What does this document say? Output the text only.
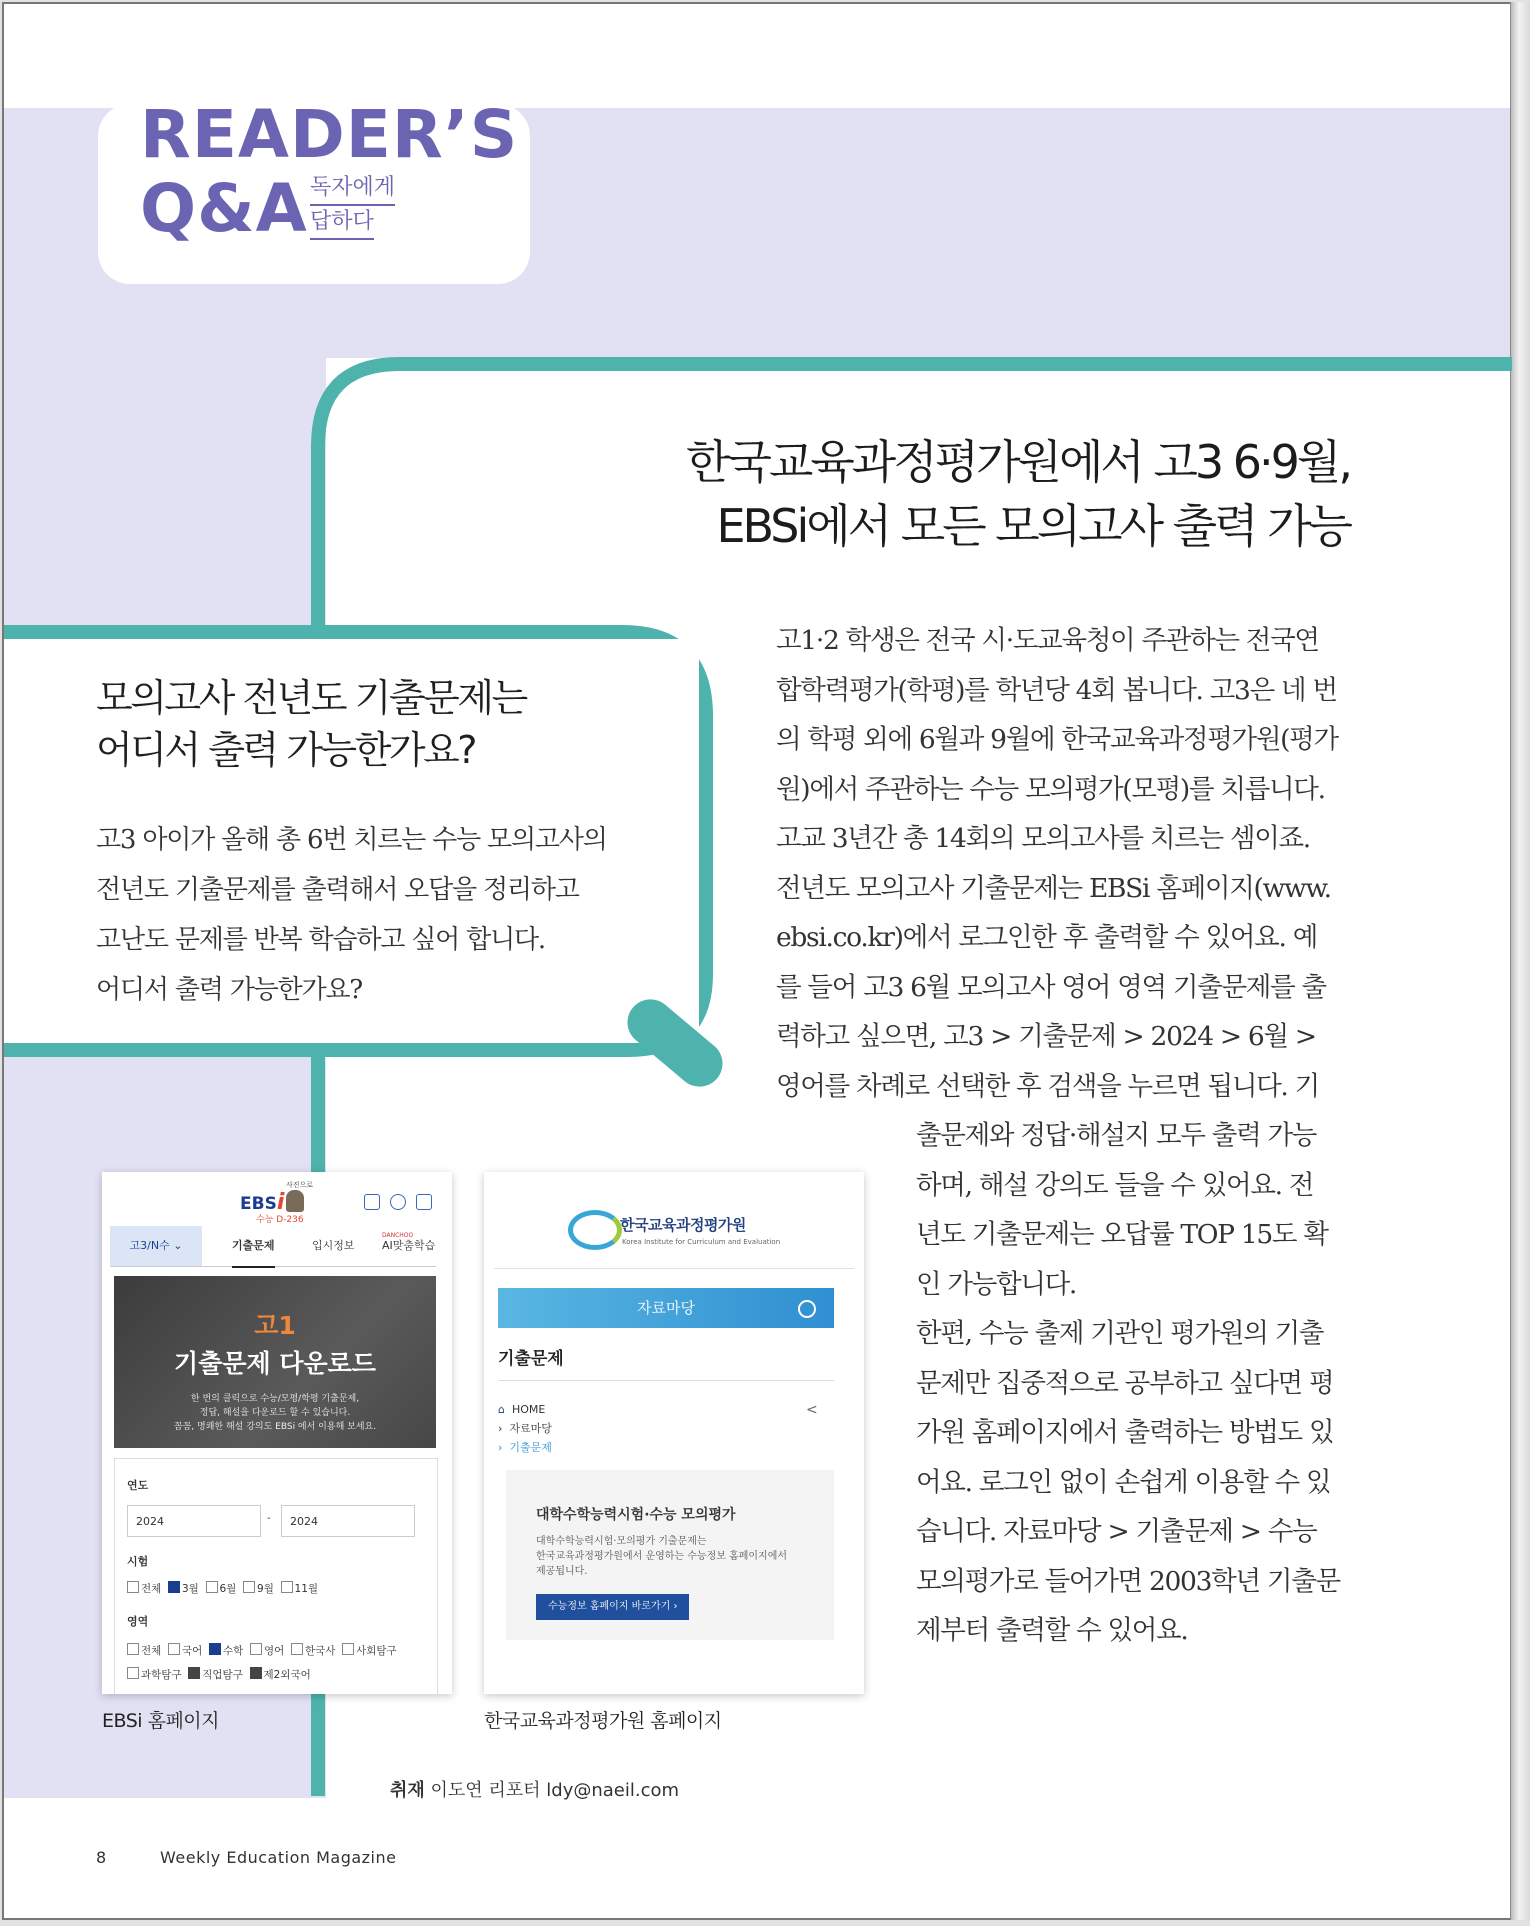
READER’S
Q&A 독자에게
답하다
한국교육과정평가원에서 고3 6·9월,
EBSi에서 모든 모의고사 출력 가능
모의고사 전년도 기출문제는
어디서 출력 가능한가요?
고3 아이가 올해 총 6번 치르는 수능 모의고사의
전년도 기출문제를 출력해서 오답을 정리하고
고난도 문제를 반복 학습하고 싶어 합니다.
어디서 출력 가능한가요?

고1·2 학생은 전국 시·도교육청이 주관하는 전국연

합학력평가(학평)를 학년당 4회 봅니다. 고3은 네 번

의 학평 외에 6월과 9월에 한국교육과정평가원(평가

원)에서 주관하는 수능 모의평가(모평)를 치릅니다.

고교 3년간 총 14회의 모의고사를 치르는 셈이죠.

전년도 모의고사 기출문제는 EBSi 홈페이지(www.

ebsi.co.kr)에서 로그인한 후 출력할 수 있어요. 예

를 들어 고3 6월 모의고사 영어 영역 기출문제를 출

력하고 싶으면, 고3 > 기출문제 > 2024 > 6월 >

영어를 차례로 선택한 후 검색을 누르면 됩니다. 기

출문제와 정답·해설지 모두 출력 가능

하며, 해설 강의도 들을 수 있어요. 전

년도 기출문제는 오답률 TOP 15도 확

인 가능합니다.

한편, 수능 출제 기관인 평가원의 기출

문제만 집중적으로 공부하고 싶다면 평

가원 홈페이지에서 출력하는 방법도 있

어요. 로그인 없이 손쉽게 이용할 수 있

습니다. 자료마당 > 기출문제 > 수능

모의평가로 들어가면 2003학년 기출문

제부터 출력할 수 있어요.

EBSi
사진으로
수능 D-236
고3/N수 ⌄	기출문제	입시정보
DANCHOO
AI맞춤학습
고1
기출문제 다운로드
한 번의 클릭으로 수능/모평/학평 기출문제,
정답, 해설을 다운로드 할 수 있습니다.
꼼꼼, 명쾌한 해설 강의도 EBSi 에서 이용해 보세요.
연도
2024	-	2024
시험
전체 3월 6월 9월 11월
영역
전체 국어 수학 영어 한국사 사회탐구
과학탐구 직업탐구 제2외국어
한국교육과정평가원
Korea Institute for Curriculum and Evaluation
자료마당
기출문제
⌂ HOME
› 자료마당
› 기출문제
<
대학수학능력시험·수능 모의평가
대학수학능력시험·모의평가 기출문제는
한국교육과정평가원에서 운영하는 수능정보 홈페이지에서
제공됩니다.
수능정보 홈페이지 바로가기 ›
EBSi 홈페이지	한국교육과정평가원 홈페이지
취재 이도연 리포터 ldy@naeil.com
8	Weekly Education Magazine
